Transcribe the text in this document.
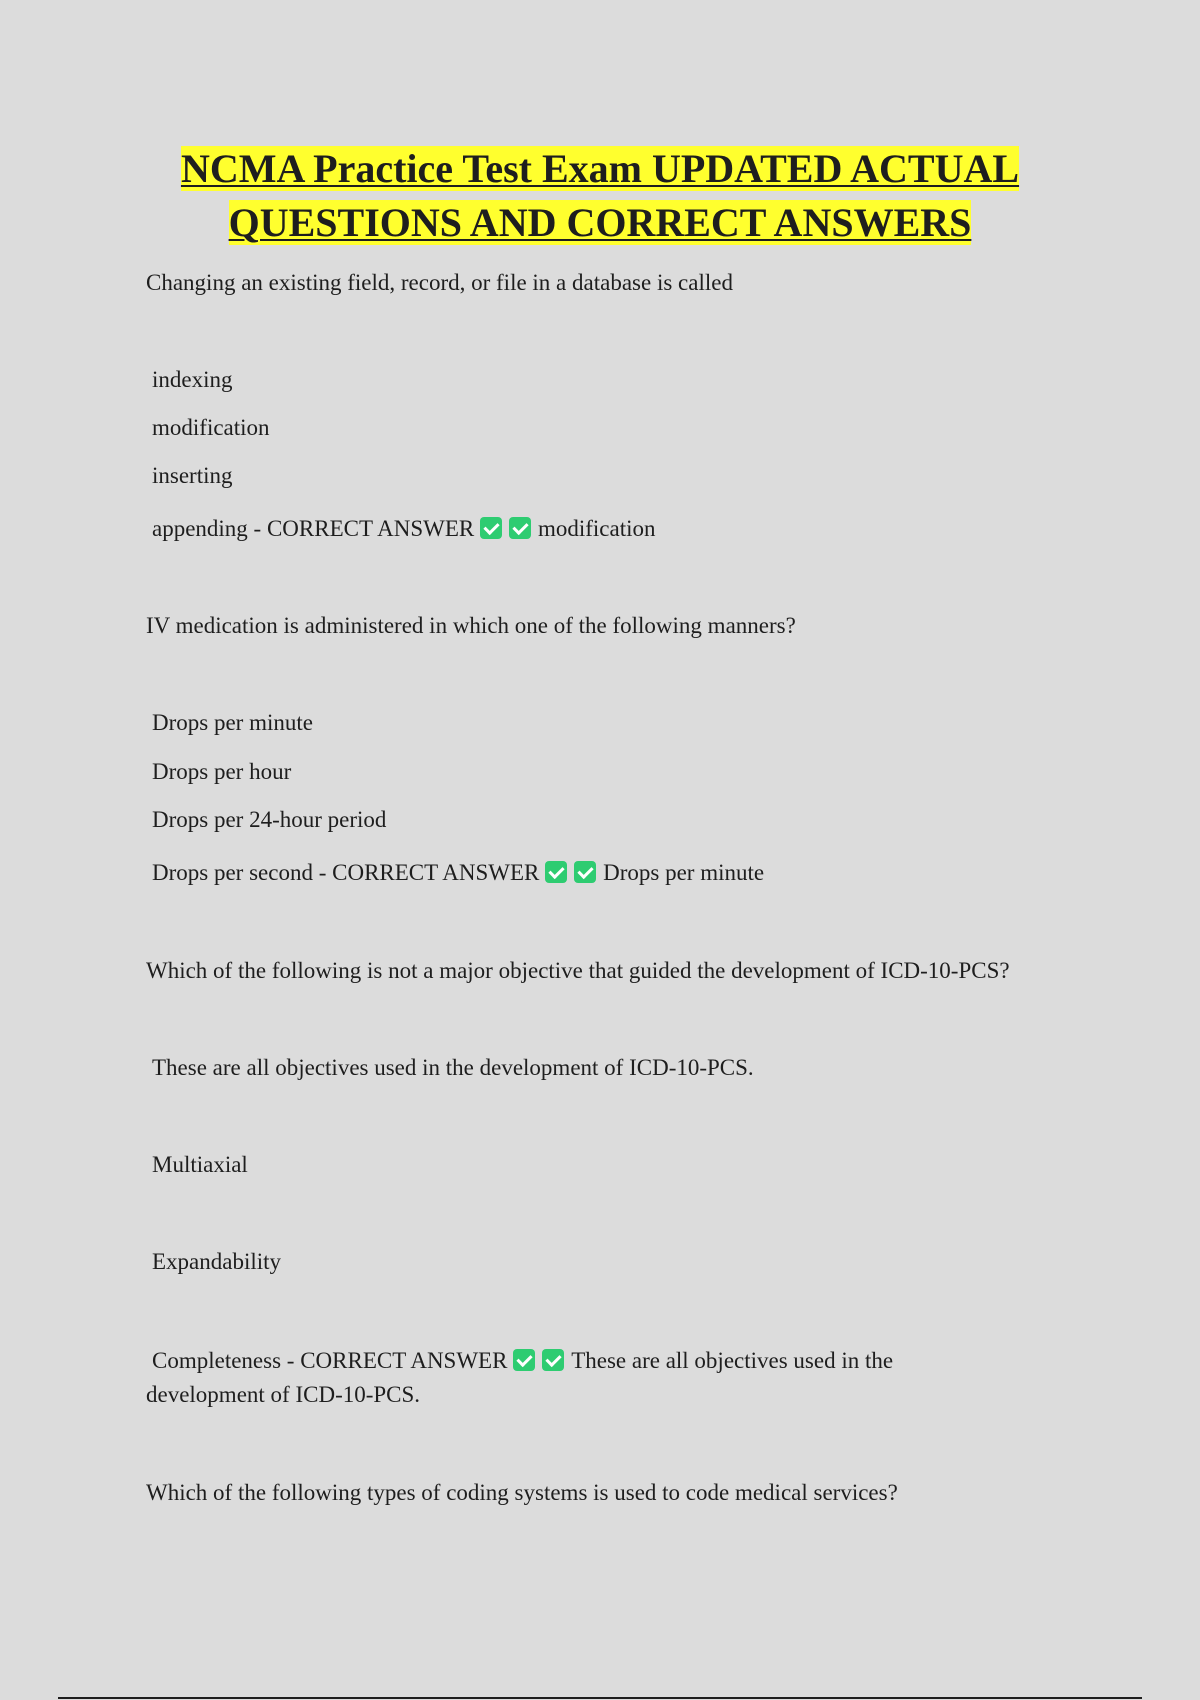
NCMA Practice Test Exam UPDATED ACTUAL
QUESTIONS AND CORRECT ANSWERS

Changing an existing field, record, or file in a database is called

indexing

modification

inserting

appending - CORRECT ANSWER	modification

IV medication is administered in which one of the following manners?

Drops per minute

Drops per hour

Drops per 24-hour period

Drops per second - CORRECT ANSWER	Drops per minute

Which of the following is not a major objective that guided the development of ICD-10-PCS?

These are all objectives used in the development of ICD-10-PCS.

Multiaxial

Expandability

Completeness - CORRECT ANSWER	These are all objectives used in the

development of ICD-10-PCS.

Which of the following types of coding systems is used to code medical services?
